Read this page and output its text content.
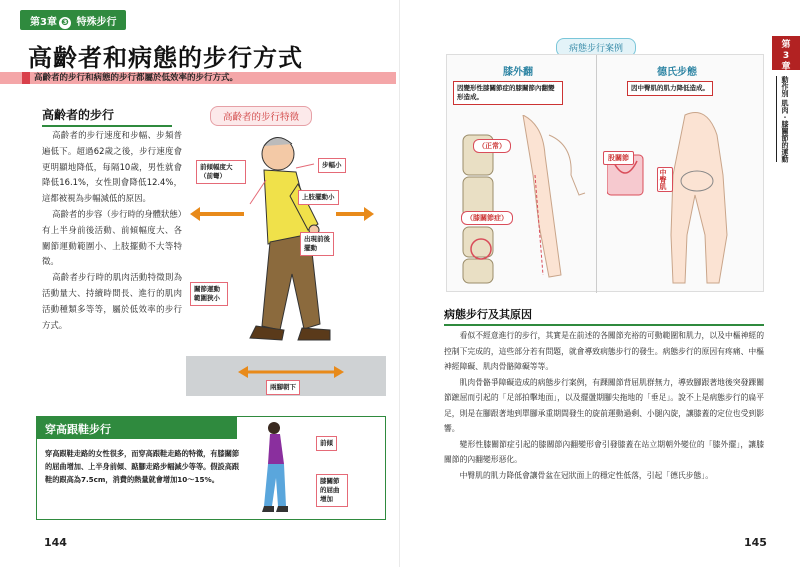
第3章 ❸ 特殊步行
高齡者和病態的步行方式
高齡者的步行和病態的步行都屬於低效率的步行方式。
高齡者的步行

高齡者的步行速度和步幅、步頻普遍低下。超過62歲之後，步行速度會更明顯地降低，每隔10歲，男性就會降低16.1%，女性則會降低12.4%，這都被視為步幅減低的原因。

高齡者的步容（步行時的身體狀態）有上半身前後活動、前傾幅度大、各關節運動範圍小、上肢擺動不大等特徵。

高齡者步行時的肌肉活動特徵則為活動量大、持續時間長、進行的肌肉活動種類多等等，屬於低效率的步行方式。

高齡者的步行特徵
前傾幅度大（前彎）
步幅小
上肢擺動小
出現前後擺動
關節運動範圍狹小
兩腳朝下
穿高跟鞋步行
穿高跟鞋走路的女性很多，而穿高跟鞋走路的特徵，有膝關節的屈曲增加、上半身前傾、踮腳走路步幅減少等等。假設高跟鞋的跟高為7.5cm，消費的熱量就會增加10～15%。
前傾
膝關節的屈曲增加
144
第
3
章
動作別 肌肉・膝關節的運動
病態步行案例
膝外翻
因變形性膝關節症的膝關節內翻變形造成。
（正常）
（膝關節症）
德氏步態
因中臀肌的肌力降低造成。
股關節
中臀肌
病態步行及其原因

看似不經意進行的步行，其實是在前述的各關節充裕的可動範圍和肌力，以及中樞神經的控制下完成的，這些部分若有問題，就會導致病態步行的發生。病態步行的原因有疼痛、中樞神經障礙、肌肉骨骼障礙等等。

肌肉骨骼爭障礙造成的病態步行案例，有踝關節背屈肌群無力，導致腳跟著地後突發踝關節蹠屈而引起的「足部拍擊地面」，以及擺盪期腳尖拖地的「垂足」。說不上是病態步行的扁平足，則是在腳跟著地到單腳承重期間發生的旋前運動過剩、小腿內旋，讓膝蓋的定位也受到影響。

變形性膝關節症引起的膝關節內翻變形會引發膝蓋在站立期朝外變位的「膝外擺」，讓膝關節的內翻變形惡化。

中臀肌的肌力降低會讓骨盆在冠狀面上的穩定性低落，引起「德氏步態」。

145
